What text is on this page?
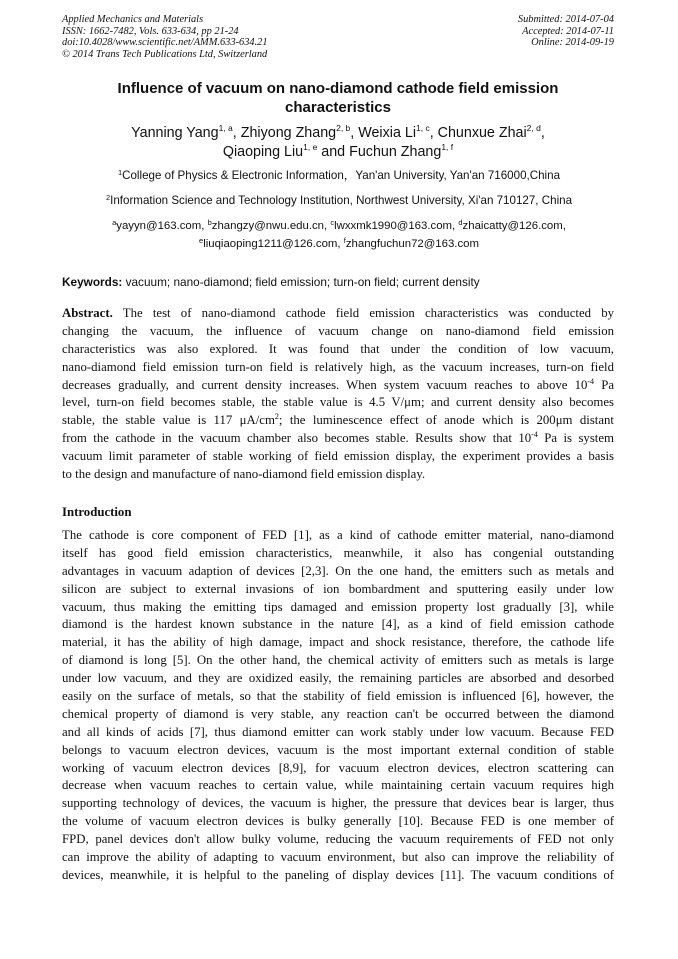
Applied Mechanics and Materials
ISSN: 1662-7482, Vols. 633-634, pp 21-24
doi:10.4028/www.scientific.net/AMM.633-634.21
© 2014 Trans Tech Publications Ltd, Switzerland
Submitted: 2014-07-04
Accepted: 2014-07-11
Online: 2014-09-19
Influence of vacuum on nano-diamond cathode field emission
characteristics
Yanning Yang$^{1, a}$, Zhiyong Zhang$^{2, b}$, Weixia Li$^{1, c}$, Chunxue Zhai$^{2, d}$,
Qiaoping Liu$^{1, e}$ and Fuchun Zhang$^{1, f}$
$^1$College of Physics & Electronic Information，Yan'an University, Yan'an 716000,China
$^2$Information Science and Technology Institution, Northwest University, Xi'an 710127, China
$^a$yayyn@163.com, $^b$zhangzy@nwu.edu.cn, $^c$lwxxmk1990@163.com, $^d$zhaicatty@126.com,
$^e$liuqiaoping1211@126.com, $^f$zhangfuchun72@163.com
Keywords: vacuum; nano-diamond; field emission; turn-on field; current density
Abstract. The test of nano-diamond cathode field emission characteristics was conducted by
changing the vacuum, the influence of vacuum change on nano-diamond field emission
characteristics was also explored. It was found that under the condition of low vacuum,
nano-diamond field emission turn-on field is relatively high, as the vacuum increases, turn-on field
decreases gradually, and current density increases. When system vacuum reaches to above $10^{-4}$ Pa
level, turn-on field becomes stable, the stable value is 4.5 V/μm; and current density also becomes
stable, the stable value is 117 $\mu A/cm^2$; the luminescence effect of anode which is 200μm distant
from the cathode in the vacuum chamber also becomes stable. Results show that $10^{-4}$ Pa is system
vacuum limit parameter of stable working of field emission display, the experiment provides a basis
to the design and manufacture of nano-diamond field emission display.
Introduction
The cathode is core component of FED [1], as a kind of cathode emitter material, nano-diamond
itself has good field emission characteristics, meanwhile, it also has congenial outstanding
advantages in vacuum adaption of devices [2,3]. On the one hand, the emitters such as metals and
silicon are subject to external invasions of ion bombardment and sputtering easily under low
vacuum, thus making the emitting tips damaged and emission property lost gradually [3], while
diamond is the hardest known substance in the nature [4], as a kind of field emission cathode
material, it has the ability of high damage, impact and shock resistance, therefore, the cathode life
of diamond is long [5]. On the other hand, the chemical activity of emitters such as metals is large
under low vacuum, and they are oxidized easily, the remaining particles are absorbed and desorbed
easily on the surface of metals, so that the stability of field emission is influenced [6], however, the
chemical property of diamond is very stable, any reaction can't be occurred between the diamond
and all kinds of acids [7], thus diamond emitter can work stably under low vacuum. Because FED
belongs to vacuum electron devices, vacuum is the most important external condition of stable
working of vacuum electron devices [8,9], for vacuum electron devices, electron scattering can
decrease when vacuum reaches to certain value, while maintaining certain vacuum requires high
supporting technology of devices, the vacuum is higher, the pressure that devices bear is larger, thus
the volume of vacuum electron devices is bulky generally [10]. Because FED is one member of
FPD, panel devices don't allow bulky volume, reducing the vacuum requirements of FED not only
can improve the ability of adapting to vacuum environment, but also can improve the reliability of
devices, meanwhile, it is helpful to the paneling of display devices [11]. The vacuum conditions of
